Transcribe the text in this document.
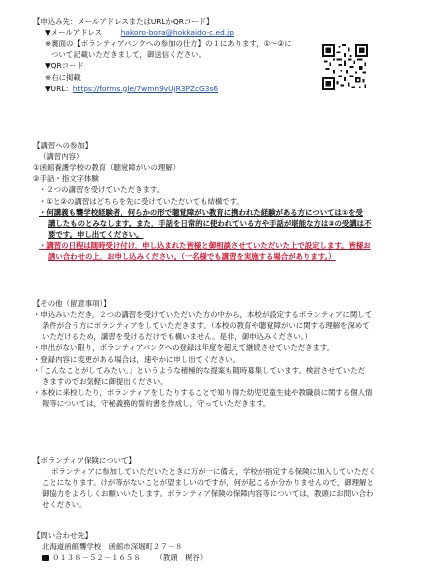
【申込み先：メールアドレスまたはURLかQRコード】
▼メールアドレス	hakoro-bora@hokkaido-c.ed.jp
※裏面の【ボランティアバンクへの参加の仕方】の１にあります，①〜②に
ついて記載いただきまして，御送信ください。
▼QRコード
※右に掲載
▼URL：https://forms.gle/7wmn9vUjR3PZcG3s6
【講習への参加】
（講習内容）
①函館養護学校の教育（聴覚障がいの理解）
②手話・指文字体験
・２つの講習を受けていただきます。
・①と②の講習はどちらを先に受けていただいても結構です。
・何講義も聾学校経験者，何らかの形で聴覚障がい教育に携われた経験がある方については①を受
講したものとみなします。また，手話を日常的に使われている方や手話が堪能な方は②の受講は不
要です。申し出てください。
・講習の日程は随時受け付け，申し込まれた皆様と御相談させていただいた上で設定します。皆様お
誘い合わせの上，お申し込みください。（一名様でも講習を実施する場合があります。）
【その他（留意事項）】
・申込みいただき，２つの講習を受けていただいた方の中から，本校が設定するボランティアに関して
条件が合う方にボランティアをしていただきます。（本校の教育や聴覚障がいに関する理解を深めて
いただけるため，講習を受けるだけでも構いません。是非，御申込みください。）
・申出がない限り，ボランティアバンクへの登録は年度を超えて継続させていただきます。
・登録内容に変更がある場合は，速やかに申し出てください。
・「こんなことがしてみたい。」というような積極的な提案も随時募集しています。検討させていただ
きますのでお気軽に御提出ください。
・本校に来校したり，ボランティアをしたりすることで知り得た幼児児童生徒や教職員に関する個人情
報等については，守秘義務的誓約書を作成し，守っていただきます。
【ボランティア保険について】
ボランティアに参加していただいたときに万が一に備え，学校が指定する保険に加入していただく
ことになります。けが等がないことが望ましいのですが，何が起こるか分かりませんので，御理解と
御協力をよろしくお願いいたします。ボランティア保険の保障内容等については，教頭にお問い合わ
せください。
【問い合わせ先】
北海道函館聾学校　函館市深堀町２７－８
０１３８－５２－１６５８ （教頭　梶谷）
